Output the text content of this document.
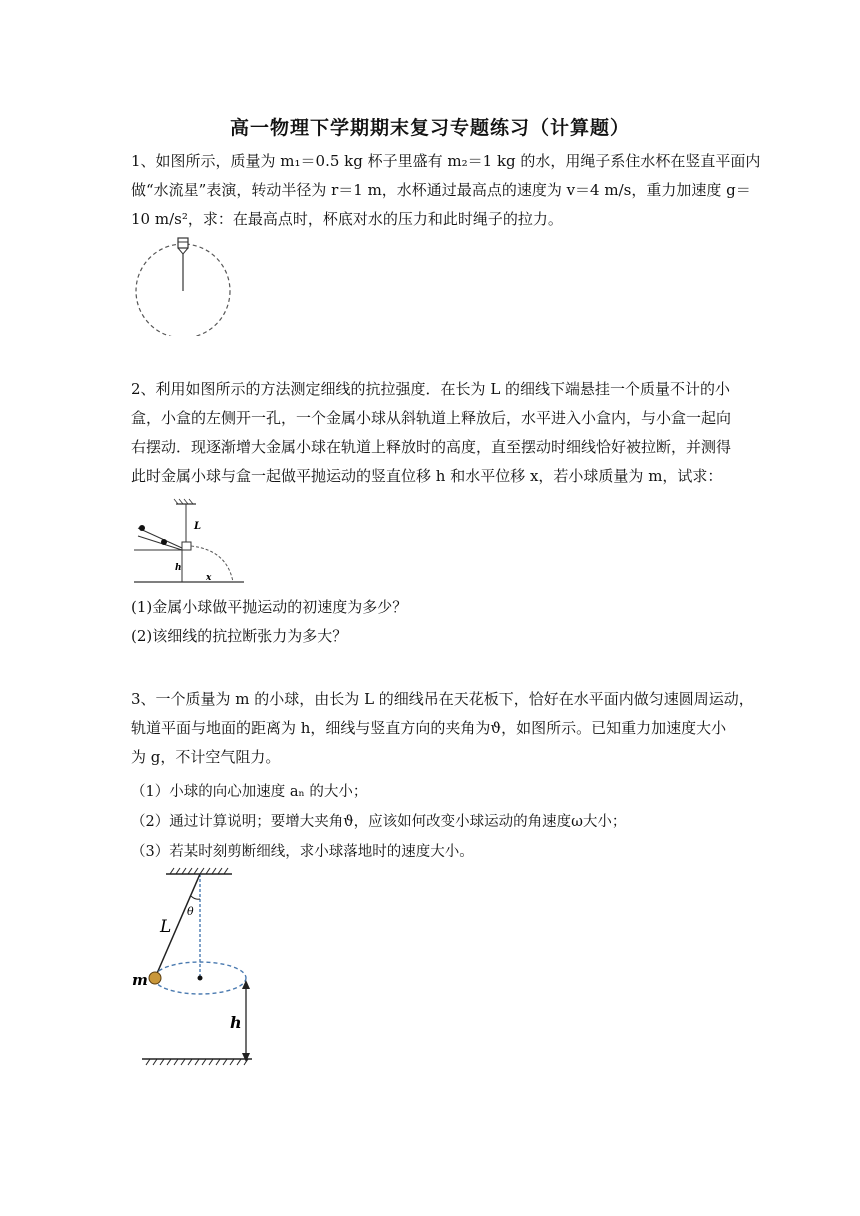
高一物理下学期期末复习专题练习（计算题）
1、如图所示，质量为 m₁＝0.5 kg 杯子里盛有 m₂＝1 kg 的水，用绳子系住水杯在竖直平面内
做“水流星”表演，转动半径为 r＝1 m，水杯通过最高点的速度为 v＝4 m/s，重力加速度 g＝
10 m/s²，求：在最高点时，杯底对水的压力和此时绳子的拉力。
2、利用如图所示的方法测定细线的抗拉强度．在长为 L 的细线下端悬挂一个质量不计的小
盒，小盒的左侧开一孔，一个金属小球从斜轨道上释放后，水平进入小盒内，与小盒一起向
右摆动．现逐渐增大金属小球在轨道上释放时的高度，直至摆动时细线恰好被拉断，并测得
此时金属小球与盒一起做平抛运动的竖直位移 h 和水平位移 x，若小球质量为 m，试求：
L
h
x
(1)金属小球做平抛运动的初速度为多少？
(2)该细线的抗拉断张力为多大？
3、一个质量为 m 的小球，由长为 L 的细线吊在天花板下，恰好在水平面内做匀速圆周运动，
轨道平面与地面的距离为 h，细线与竖直方向的夹角为ϑ，如图所示。已知重力加速度大小
为 g，不计空气阻力。
（1）小球的向心加速度 aₙ 的大小；
（2）通过计算说明；要增大夹角ϑ，应该如何改变小球运动的角速度ω大小；
（3）若某时刻剪断细线，求小球落地时的速度大小。
θ
L
m
h
